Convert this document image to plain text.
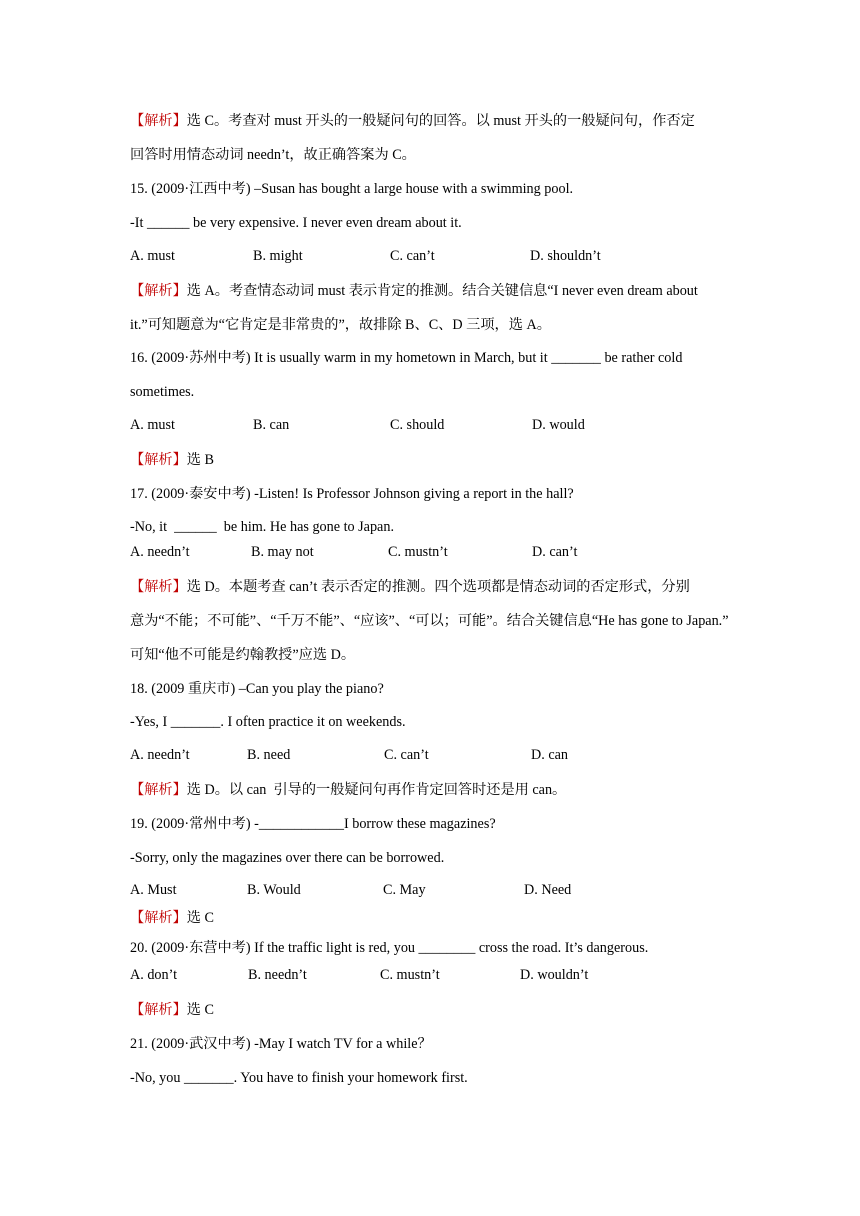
【解析】选 C。考查对 must 开头的一般疑问句的回答。以 must 开头的一般疑问句，作否定
回答时用情态动词 needn’t，故正确答案为 C。
15. (2009·江西中考) –Susan has bought a large house with a swimming pool.
-It ______ be very expensive. I never even dream about it.
A. must	B. might	C. can’t	D. shouldn’t
【解析】选 A。考查情态动词 must 表示肯定的推测。结合关键信息“I never even dream about
it.”可知题意为“它肯定是非常贵的”，故排除 B、C、D 三项，选 A。
16. (2009·苏州中考) It is usually warm in my hometown in March, but it _______ be rather cold
sometimes.
A. must	B. can	C. should	D. would
【解析】选 B
17. (2009·泰安中考) -Listen! Is Professor Johnson giving a report in the hall?
-No, it  ______  be him. He has gone to Japan.
A. needn’t	B. may not	C. mustn’t	D. can’t
【解析】选 D。本题考查 can’t 表示否定的推测。四个选项都是情态动词的否定形式，分别
意为“不能；不可能”、“千万不能”、“应该”、“可以；可能”。结合关键信息“He has gone to Japan.”
可知“他不可能是约翰教授”应选 D。
18. (2009 重庆市) –Can you play the piano?
-Yes, I _______. I often practice it on weekends.
A. needn’t	B. need	C. can’t	D. can
【解析】选 D。以 can  引导的一般疑问句再作肯定回答时还是用 can。
19. (2009·常州中考) -____________I borrow these magazines?
-Sorry, only the magazines over there can be borrowed.
A. Must	B. Would	C. May	D. Need
【解析】选 C
20. (2009·东营中考) If the traffic light is red, you ________ cross the road. It’s dangerous.
A. don’t	B. needn’t	C. mustn’t	D. wouldn’t
【解析】选 C
21. (2009·武汉中考) -May I watch TV for a while？
-No, you _______. You have to finish your homework first.
